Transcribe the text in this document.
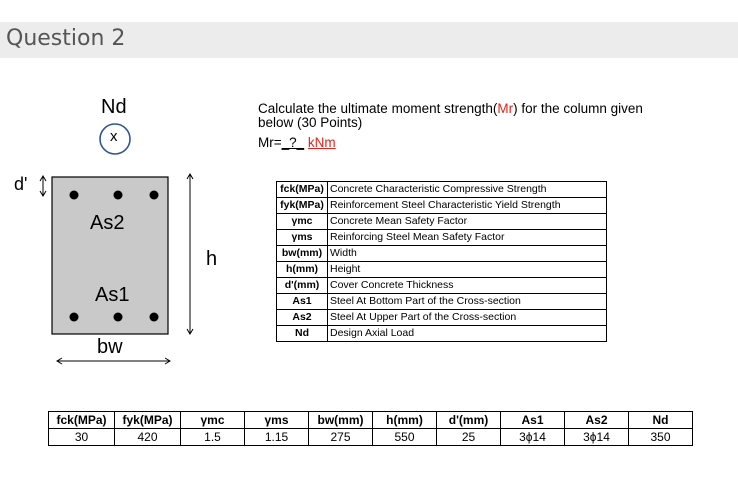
Question 2
Nd
x
d'
As2
As1
h
bw
Calculate the ultimate moment strength(Mr) for the column given
below (30 Points)
Mr=_?_ kNm
fck(MPa)	Concrete Characteristic Compressive Strength
fyk(MPa)	Reinforcement Steel Characteristic Yield Strength
γmc	Concrete Mean Safety Factor
γms	Reinforcing Steel Mean Safety Factor
bw(mm)	Width
h(mm)	Height
d'(mm)	Cover Concrete Thickness
As1	Steel At Bottom Part of the Cross-section
As2	Steel At Upper Part of the Cross-section
Nd	Design Axial Load
fck(MPa)	fyk(MPa)	γmc	γms	bw(mm)	h(mm)	d'(mm)	As1	As2	Nd
30	420	1.5	1.15	275	550	25	3ϕ14	3ϕ14	350
